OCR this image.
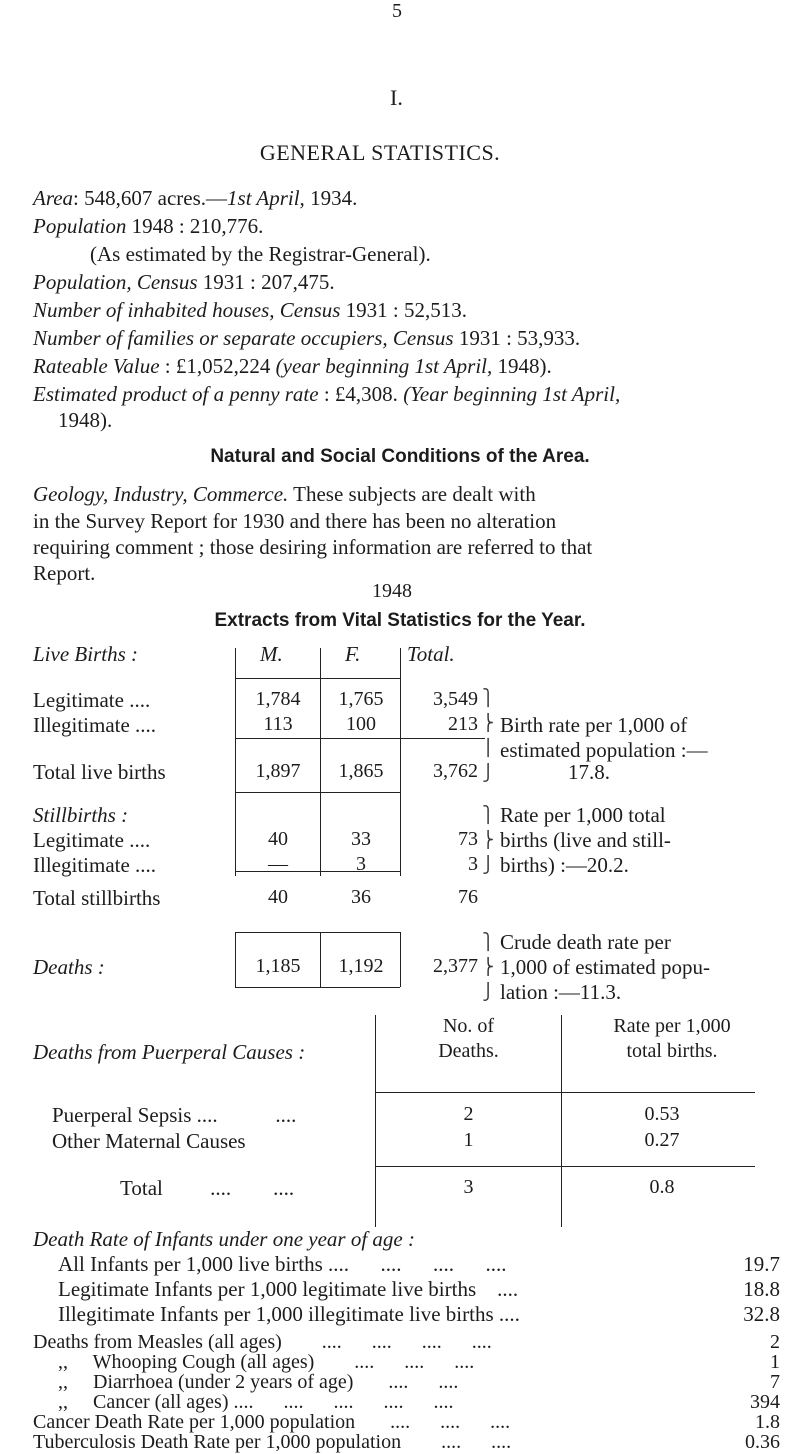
5
I.
GENERAL STATISTICS.
Area: 548,607 acres.—1st April, 1934.
Population 1948 : 210,776.
(As estimated by the Registrar-General).
Population, Census 1931 : 207,475.
Number of inhabited houses, Census 1931 : 52,513.
Number of families or separate occupiers, Census 1931 : 53,933.
Rateable Value : £1,052,224 (year beginning 1st April, 1948).
Estimated product of a penny rate : £4,308. (Year beginning 1st April,
1948).
Natural and Social Conditions of the Area.
Geology, Industry, Commerce. These subjects are dealt with
in the Survey Report for 1930 and there has been no alteration
requiring comment ; those desiring information are referred to that
Report.
1948
Extracts from Vital Statistics for the Year.
Live Births :	M.	F. Total.
Legitimate ....	1,784	1,765	3,549
Illegitimate ....	113	100	213
Total live births	1,897	1,865	3,762
⎫
⎬
⎪
⎭
Birth rate per 1,000 of
estimated population :—
17.8.
Stillbirths :
Legitimate ....	40	33	73
Illegitimate ....	—	3	3
Total stillbirths	40	36	76
⎫
⎬
⎭
Rate per 1,000 total
births (live and still-
births) :—20.2.
Deaths :	1,185	1,192	2,377
⎫
⎬
⎭
Crude death rate per
1,000 of estimated popu-
lation :—11.3.
Deaths from Puerperal Causes :
No. of
Deaths.
Rate per 1,000
total births.
Puerperal Sepsis ....           ....	2	0.53
Other Maternal Causes	1	0.27
Total         ....        ....	3	0.8
Death Rate of Infants under one year of age :
All Infants per 1,000 live births ....      ....      ....      ....	19.7
Legitimate Infants per 1,000 legitimate live births    ....	18.8
Illegitimate Infants per 1,000 illegitimate live births ....	32.8
Deaths from Measles (all ages)        ....      ....      ....      ....	2
,,     Whooping Cough (all ages)        ....      ....      ....	1
,,     Diarrhoea (under 2 years of age)       ....      ....	7
,,     Cancer (all ages) ....      ....      ....      ....      ....	394
Cancer Death Rate per 1,000 population       ....      ....      ....	1.8
Tuberculosis Death Rate per 1,000 population        ....      ....	0.36
